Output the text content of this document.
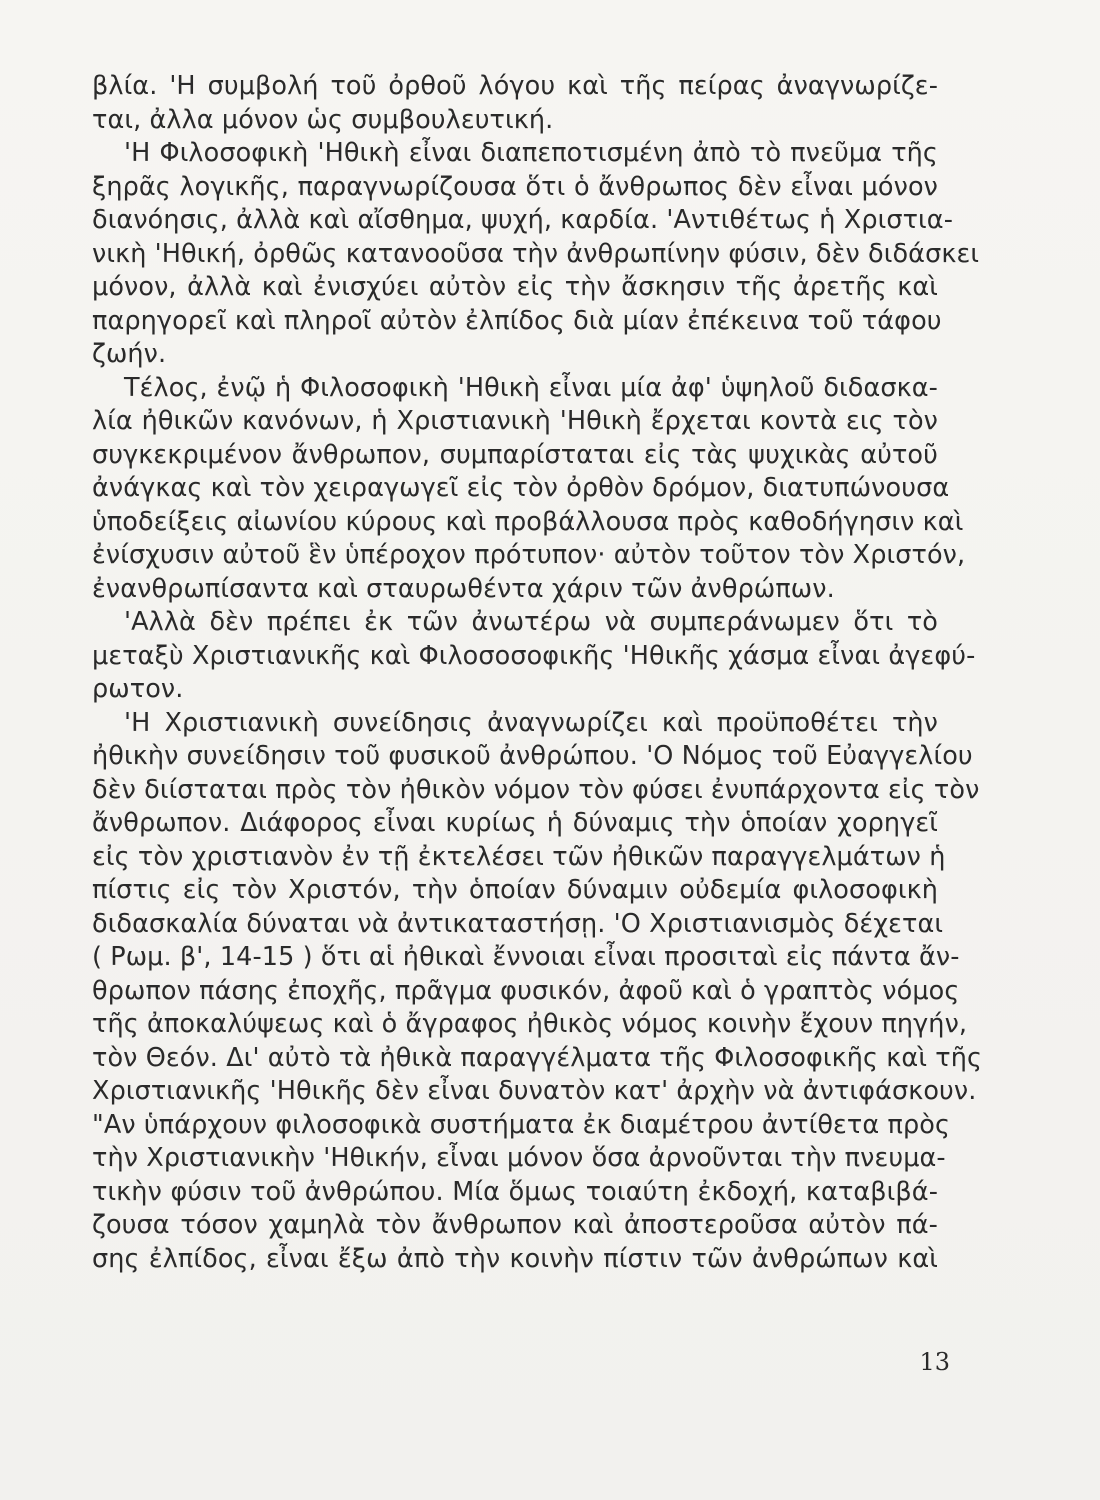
βλία. 'Η συμβολή τοῦ ὀρθοῦ λόγου καὶ τῆς πείρας ἀναγνωρίζε-
ται, ἀλλα μόνον ὡς συμβουλευτική.
'Η Φιλοσοφικὴ 'Ηθικὴ εἶναι διαπεποτισμένη ἀπὸ τὸ πνεῦμα τῆς
ξηρᾶς λογικῆς, παραγνωρίζουσα ὅτι ὁ ἄνθρωπος δὲν εἶναι μόνον
διανόησις, ἀλλὰ καὶ αἴσθημα, ψυχή, καρδία. 'Αντιθέτως ἡ Χριστια-
νικὴ 'Ηθική, ὀρθῶς κατανοοῦσα τὴν ἀνθρωπίνην φύσιν, δὲν διδάσκει
μόνον, ἀλλὰ καὶ ἐνισχύει αὐτὸν εἰς τὴν ἄσκησιν τῆς ἀρετῆς καὶ
παρηγορεῖ καὶ πληροῖ αὐτὸν ἐλπίδος διὰ μίαν ἐπέκεινα τοῦ τάφου
ζωήν.
Τέλος, ἐνῷ ἡ Φιλοσοφικὴ 'Ηθικὴ εἶναι μία ἀφ' ὑψηλοῦ διδασκα-
λία ἠθικῶν κανόνων, ἡ Χριστιανικὴ 'Ηθικὴ ἔρχεται κοντὰ εις τὸν
συγκεκριμένον ἄνθρωπον, συμπαρίσταται εἰς τὰς ψυχικὰς αὐτοῦ
ἀνάγκας καὶ τὸν χειραγωγεῖ εἰς τὸν ὀρθὸν δρόμον, διατυπώνουσα
ὑποδείξεις αἰωνίου κύρους καὶ προβάλλουσα πρὸς καθοδήγησιν καὶ
ἐνίσχυσιν αὐτοῦ ἓν ὑπέροχον πρότυπον· αὐτὸν τοῦτον τὸν Χριστόν,
ἐνανθρωπίσαντα καὶ σταυρωθέντα χάριν τῶν ἀνθρώπων.
'Αλλὰ δὲν πρέπει ἐκ τῶν ἀνωτέρω νὰ συμπεράνωμεν ὅτι τὸ
μεταξὺ Χριστιανικῆς καὶ Φιλοσοσοφικῆς 'Ηθικῆς χάσμα εἶναι ἀγεφύ-
ρωτον.
'Η Χριστιανικὴ συνείδησις ἀναγνωρίζει καὶ προϋποθέτει τὴν
ἠθικὴν συνείδησιν τοῦ φυσικοῦ ἀνθρώπου. 'Ο Νόμος τοῦ Εὐαγγελίου
δὲν διίσταται πρὸς τὸν ἠθικὸν νόμον τὸν φύσει ἐνυπάρχοντα εἰς τὸν
ἄνθρωπον. Διάφορος εἶναι κυρίως ἡ δύναμις τὴν ὁποίαν χορηγεῖ
εἰς τὸν χριστιανὸν ἐν τῇ ἐκτελέσει τῶν ἠθικῶν παραγγελμάτων ἡ
πίστις εἰς τὸν Χριστόν, τὴν ὁποίαν δύναμιν οὐδεμία φιλοσοφικὴ
διδασκαλία δύναται νὰ ἀντικαταστήσῃ. 'Ο Χριστιανισμὸς δέχεται
( Ρωμ. β', 14-15 ) ὅτι αἱ ἠθικαὶ ἔννοιαι εἶναι προσιταὶ εἰς πάντα ἄν-
θρωπον πάσης ἐποχῆς, πρᾶγμα φυσικόν, ἀφοῦ καὶ ὁ γραπτὸς νόμος
τῆς ἀποκαλύψεως καὶ ὁ ἄγραφος ἠθικὸς νόμος κοινὴν ἔχουν πηγήν,
τὸν Θεόν. Δι' αὐτὸ τὰ ἠθικὰ παραγγέλματα τῆς Φιλοσοφικῆς καὶ τῆς
Χριστιανικῆς 'Ηθικῆς δὲν εἶναι δυνατὸν κατ' ἀρχὴν νὰ ἀντιφάσκουν.
"Αν ὑπάρχουν φιλοσοφικὰ συστήματα ἐκ διαμέτρου ἀντίθετα πρὸς
τὴν Χριστιανικὴν 'Ηθικήν, εἶναι μόνον ὅσα ἀρνοῦνται τὴν πνευμα-
τικὴν φύσιν τοῦ ἀνθρώπου. Μία ὅμως τοιαύτη ἐκδοχή, καταβιβά-
ζουσα τόσον χαμηλὰ τὸν ἄνθρωπον καὶ ἀποστεροῦσα αὐτὸν πά-
σης ἐλπίδος, εἶναι ἔξω ἀπὸ τὴν κοινὴν πίστιν τῶν ἀνθρώπων καὶ
13
